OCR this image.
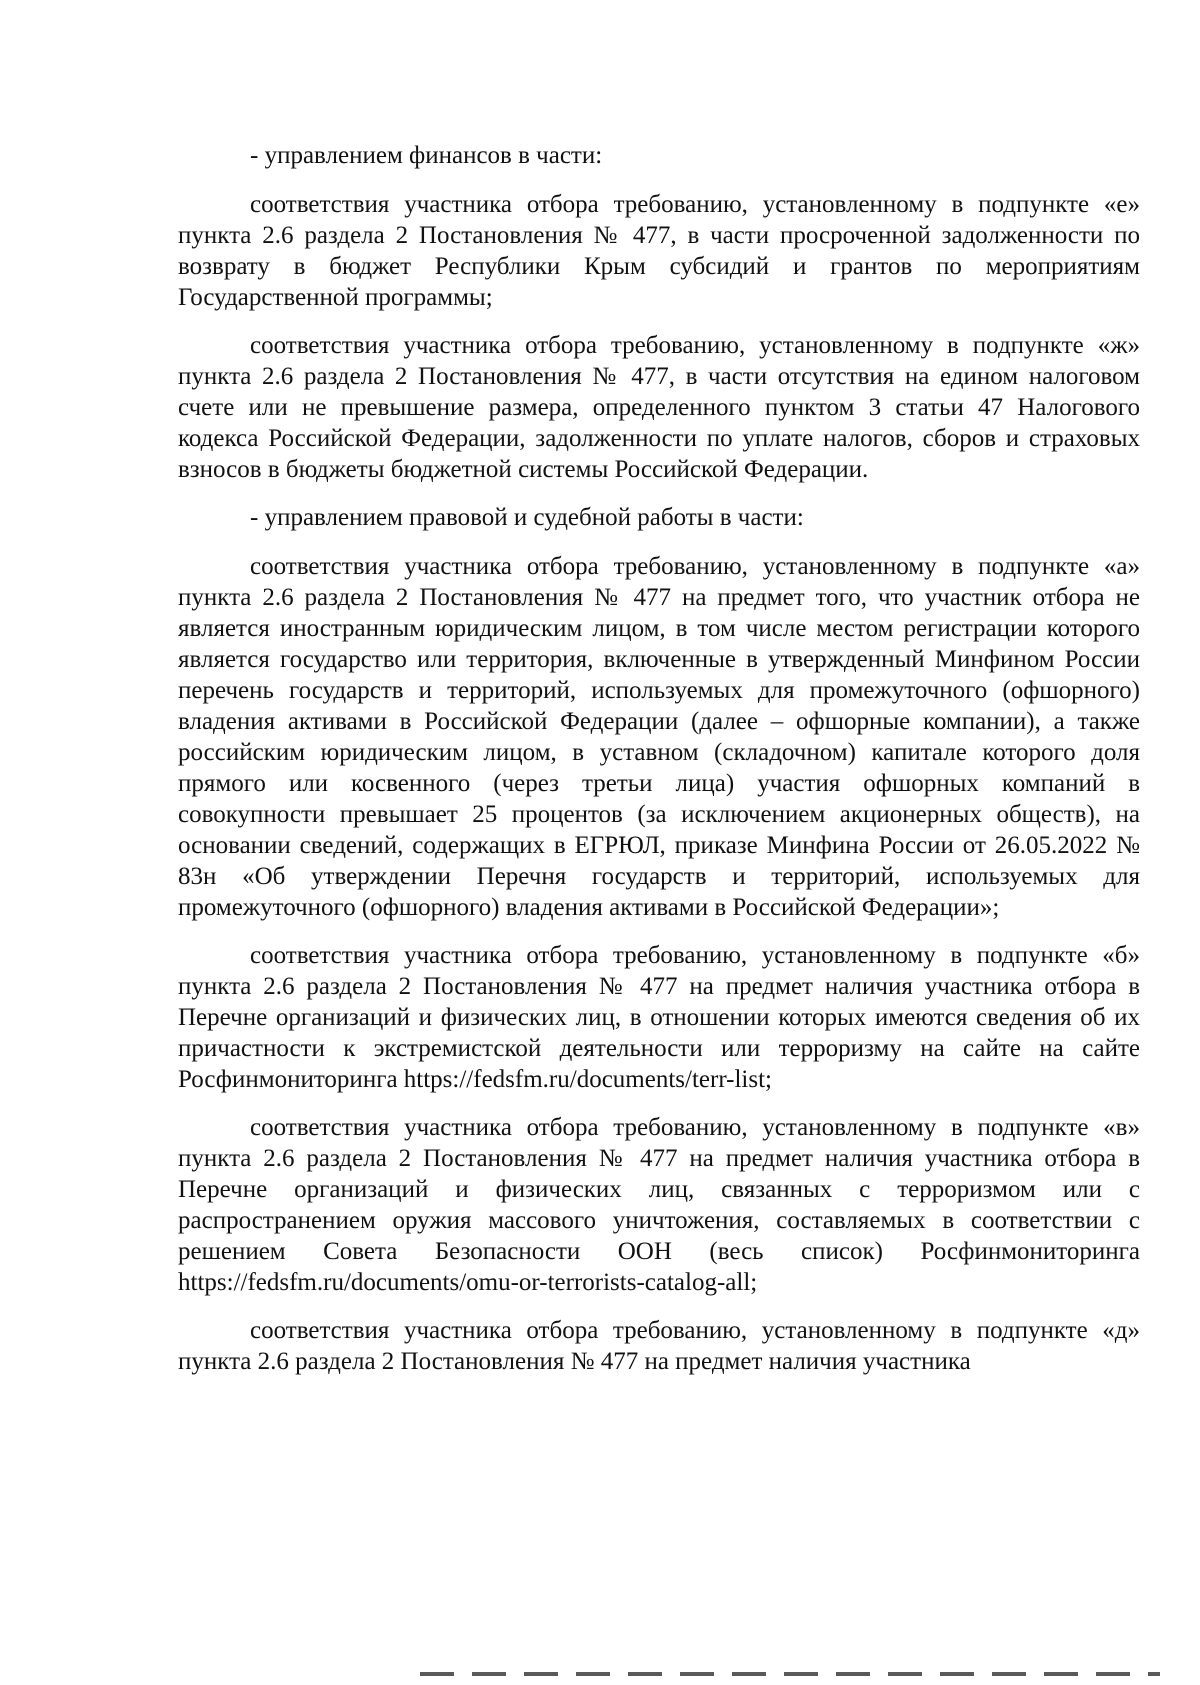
- управлением финансов в части:

соответствия участника отбора требованию, установленному в подпункте «е» пункта 2.6 раздела 2 Постановления № 477, в части просроченной задолженности по возврату в бюджет Республики Крым субсидий и грантов по мероприятиям Государственной программы;

соответствия участника отбора требованию, установленному в подпункте «ж» пункта 2.6 раздела 2 Постановления № 477, в части отсутствия на едином налоговом счете или не превышение размера, определенного пунктом 3 статьи 47 Налогового кодекса Российской Федерации, задолженности по уплате налогов, сборов и страховых взносов в бюджеты бюджетной системы Российской Федерации.

- управлением правовой и судебной работы в части:

соответствия участника отбора требованию, установленному в подпункте «а» пункта 2.6 раздела 2 Постановления № 477 на предмет того, что участник отбора не является иностранным юридическим лицом, в том числе местом регистрации которого является государство или территория, включенные в утвержденный Минфином России перечень государств и территорий, используемых для промежуточного (офшорного) владения активами в Российской Федерации (далее – офшорные компании), а также российским юридическим лицом, в уставном (складочном) капитале которого доля прямого или косвенного (через третьи лица) участия офшорных компаний в совокупности превышает 25 процентов (за исключением акционерных обществ), на основании сведений, содержащих в ЕГРЮЛ, приказе Минфина России от 26.05.2022 № 83н «Об утверждении Перечня государств и территорий, используемых для промежуточного (офшорного) владения активами в Российской Федерации»;

соответствия участника отбора требованию, установленному в подпункте «б» пункта 2.6 раздела 2 Постановления № 477 на предмет наличия участника отбора в Перечне организаций и физических лиц, в отношении которых имеются сведения об их причастности к экстремистской деятельности или терроризму на сайте на сайте Росфинмониторинга https://fedsfm.ru/documents/terr-list;

соответствия участника отбора требованию, установленному в подпункте «в» пункта 2.6 раздела 2 Постановления № 477 на предмет наличия участника отбора в Перечне организаций и физических лиц, связанных с терроризмом или с распространением оружия массового уничтожения, составляемых в соответствии с решением Совета Безопасности ООН (весь список) Росфинмониторинга https://fedsfm.ru/documents/omu-or-terrorists-catalog-all;

соответствия участника отбора требованию, установленному в подпункте «д» пункта 2.6 раздела 2 Постановления № 477 на предмет наличия участника
